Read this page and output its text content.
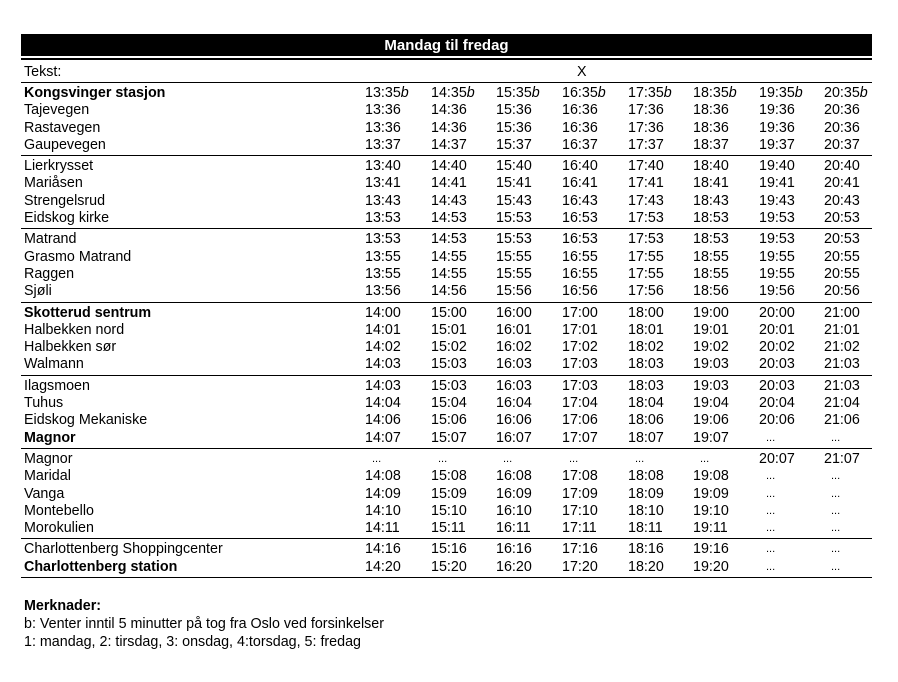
Mandag til fredag
Tekst:	X
Kongsvinger stasjon	13:35b 14:35b 15:35b 16:35b 17:35b 18:35b 19:35b 20:35b
Tajevegen	13:36 14:36 15:36 16:36 17:36 18:36 19:36 20:36
Rastavegen	13:36 14:36 15:36 16:36 17:36 18:36 19:36 20:36
Gaupevegen	13:37 14:37 15:37 16:37 17:37 18:37 19:37 20:37
Lierkrysset	13:40 14:40 15:40 16:40 17:40 18:40 19:40 20:40
Mariåsen	13:41 14:41 15:41 16:41 17:41 18:41 19:41 20:41
Strengelsrud	13:43 14:43 15:43 16:43 17:43 18:43 19:43 20:43
Eidskog kirke	13:53 14:53 15:53 16:53 17:53 18:53 19:53 20:53
Matrand	13:53 14:53 15:53 16:53 17:53 18:53 19:53 20:53
Grasmo Matrand	13:55 14:55 15:55 16:55 17:55 18:55 19:55 20:55
Raggen	13:55 14:55 15:55 16:55 17:55 18:55 19:55 20:55
Sjøli	13:56 14:56 15:56 16:56 17:56 18:56 19:56 20:56
Skotterud sentrum	14:00 15:00 16:00 17:00 18:00 19:00 20:00 21:00
Halbekken nord	14:01 15:01 16:01 17:01 18:01 19:01 20:01 21:01
Halbekken sør	14:02 15:02 16:02 17:02 18:02 19:02 20:02 21:02
Walmann	14:03 15:03 16:03 17:03 18:03 19:03 20:03 21:03
Ilagsmoen	14:03 15:03 16:03 17:03 18:03 19:03 20:03 21:03
Tuhus	14:04 15:04 16:04 17:04 18:04 19:04 20:04 21:04
Eidskog Mekaniske	14:06 15:06 16:06 17:06 18:06 19:06 20:06 21:06
Magnor	14:07 15:07 16:07 17:07 18:07 19:07	...	...
Magnor	...	...	...	...	...	...	20:07 21:07
Maridal	14:08 15:08 16:08 17:08 18:08 19:08	...	...
Vanga	14:09 15:09 16:09 17:09 18:09 19:09	...	...
Montebello	14:10 15:10 16:10 17:10 18:10 19:10	...	...
Morokulien	14:11 15:11 16:11 17:11 18:11 19:11	...	...
Charlottenberg Shoppingcenter	14:16 15:16 16:16 17:16 18:16 19:16	...	...
Charlottenberg station	14:20 15:20 16:20 17:20 18:20 19:20	...	...
Merknader:
b: Venter inntil 5 minutter på tog fra Oslo ved forsinkelser
1: mandag, 2: tirsdag, 3: onsdag, 4:torsdag, 5: fredag
